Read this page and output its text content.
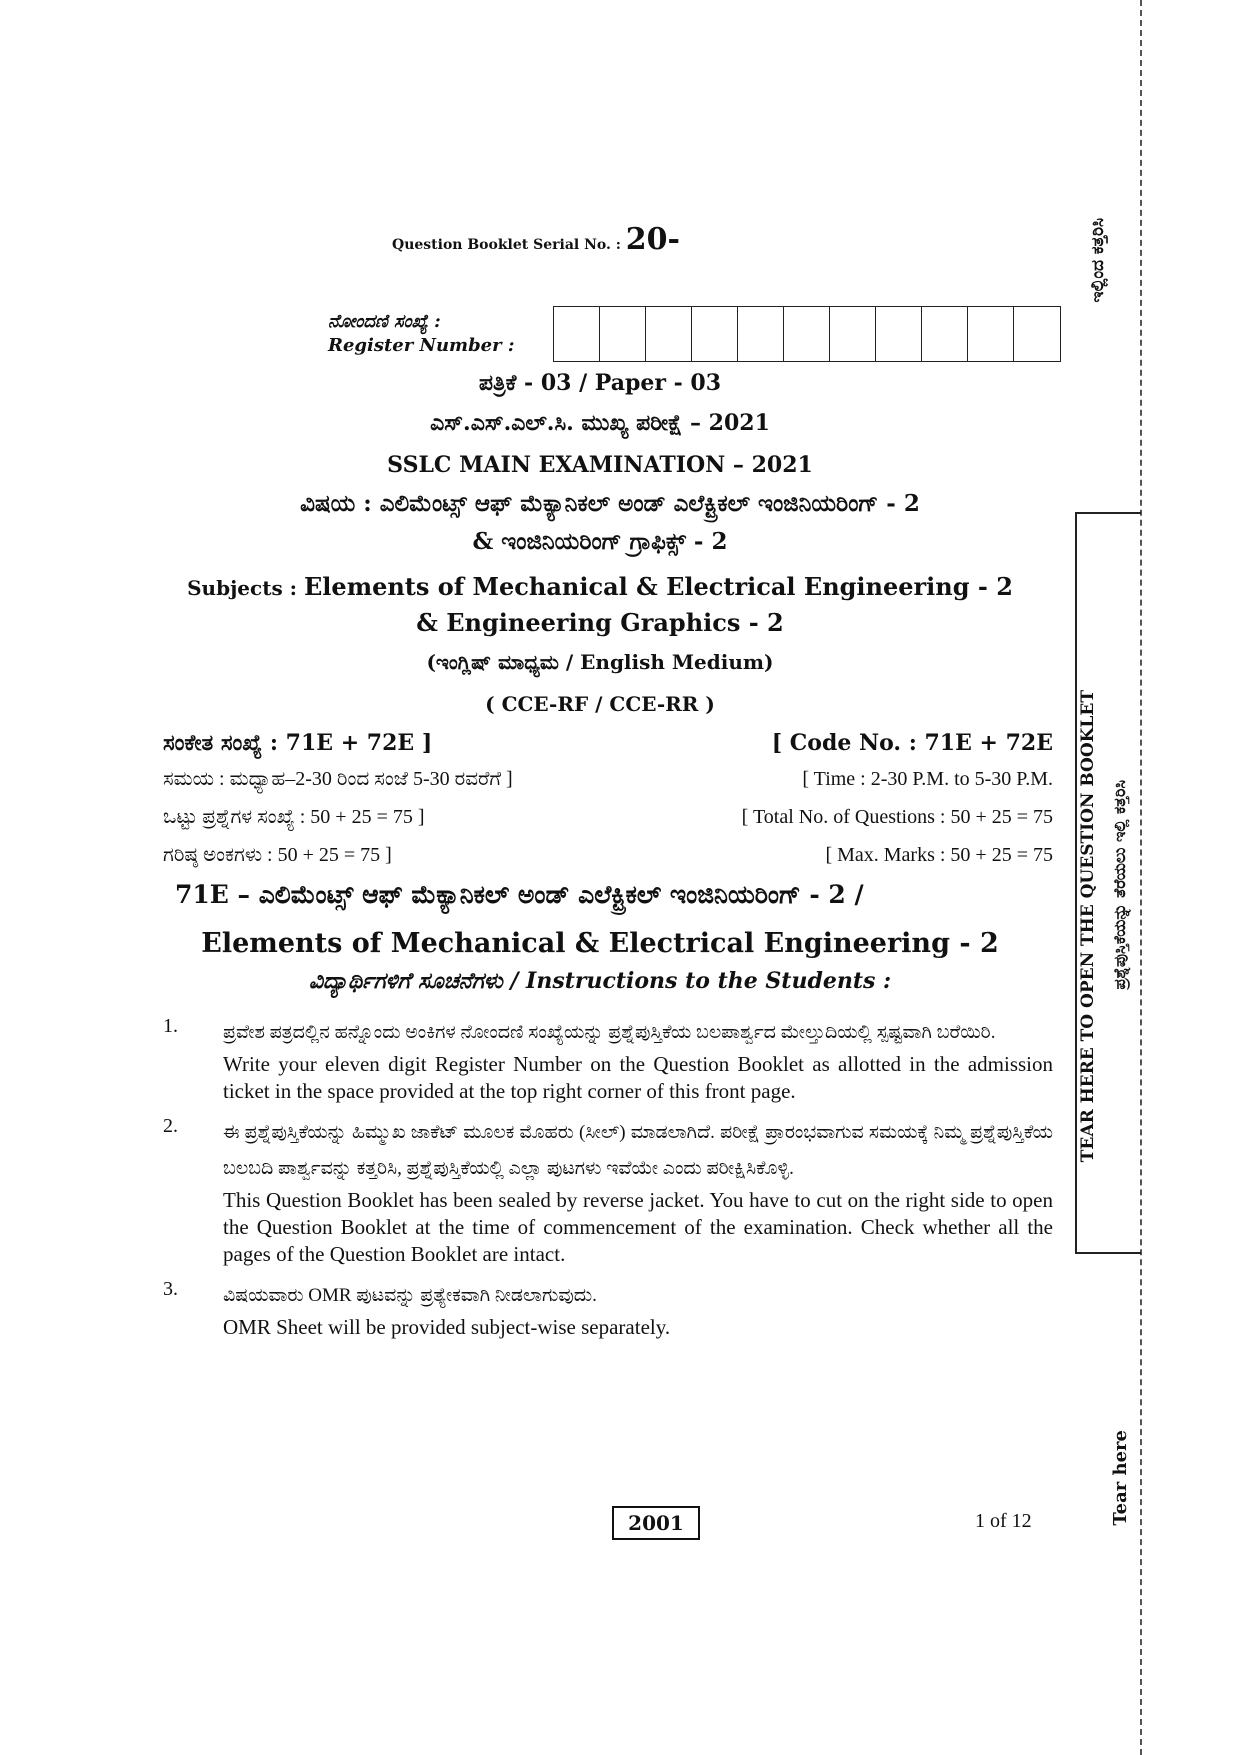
Question Booklet Serial No. : 20-
ನೋಂದಣಿ ಸಂಖ್ಯೆ :
Register Number :
ಪತ್ರಿಕೆ - 03 / Paper - 03
ಎಸ್.ಎಸ್.ಎಲ್.ಸಿ. ಮುಖ್ಯ ಪರೀಕ್ಷೆ – 2021
SSLC MAIN EXAMINATION – 2021
ವಿಷಯ : ಎಲಿಮೆಂಟ್ಸ್ ಆಫ್ ಮೆಕ್ಯಾನಿಕಲ್ ಅಂಡ್ ಎಲೆಕ್ಟ್ರಿಕಲ್ ಇಂಜಿನಿಯರಿಂಗ್ - 2
& ಇಂಜಿನಿಯರಿಂಗ್ ಗ್ರಾಫಿಕ್ಸ್ - 2
Subjects : Elements of Mechanical & Electrical Engineering - 2
& Engineering Graphics - 2
(ಇಂಗ್ಲಿಷ್ ಮಾಧ್ಯಮ / English Medium)
( CCE-RF / CCE-RR )
ಸಂಕೇತ ಸಂಖ್ಯೆ : 71E + 72E ]	[ Code No. : 71E + 72E
ಸಮಯ : ಮಧ್ಯಾಹ–2-30 ರಿಂದ ಸಂಜೆ 5-30 ರವರೆಗೆ ]	[ Time : 2-30 P.M. to 5-30 P.M.
ಒಟ್ಟು ಪ್ರಶ್ನೆಗಳ ಸಂಖ್ಯೆ : 50 + 25 = 75 ]	[ Total No. of Questions : 50 + 25 = 75
ಗರಿಷ್ಠ ಅಂಕಗಳು : 50 + 25 = 75 ]	[ Max. Marks : 50 + 25 = 75
71E – ಎಲಿಮೆಂಟ್ಸ್ ಆಫ್ ಮೆಕ್ಯಾನಿಕಲ್ ಅಂಡ್ ಎಲೆಕ್ಟ್ರಿಕಲ್ ಇಂಜಿನಿಯರಿಂಗ್ - 2 /
Elements of Mechanical & Electrical Engineering - 2
ವಿದ್ಯಾರ್ಥಿಗಳಿಗೆ ಸೂಚನೆಗಳು / Instructions to the Students :
1.	ಪ್ರವೇಶ ಪತ್ರದಲ್ಲಿನ ಹನ್ನೊಂದು ಅಂಕಿಗಳ ನೋಂದಣಿ ಸಂಖ್ಯೆಯನ್ನು ಪ್ರಶ್ನೆಪುಸ್ತಿಕೆಯ ಬಲಪಾರ್ಶ್ವದ ಮೇಲ್ತುದಿಯಲ್ಲಿ ಸ್ಪಷ್ಟವಾಗಿ ಬರೆಯಿರಿ.
Write your eleven digit Register Number on the Question Booklet as allotted in the admission ticket in the space provided at the top right corner of this front page.
2.	ಈ ಪ್ರಶ್ನೆಪುಸ್ತಿಕೆಯನ್ನು ಹಿಮ್ಮುಖ ಜಾಕೆಟ್ ಮೂಲಕ ಮೊಹರು (ಸೀಲ್) ಮಾಡಲಾಗಿದೆ. ಪರೀಕ್ಷೆ ಪ್ರಾರಂಭವಾಗುವ ಸಮಯಕ್ಕೆ ನಿಮ್ಮ ಪ್ರಶ್ನೆಪುಸ್ತಿಕೆಯ ಬಲಬದಿ ಪಾರ್ಶ್ವವನ್ನು ಕತ್ತರಿಸಿ, ಪ್ರಶ್ನೆಪುಸ್ತಿಕೆಯಲ್ಲಿ ಎಲ್ಲಾ ಪುಟಗಳು ಇವೆಯೇ ಎಂದು ಪರೀಕ್ಷಿಸಿಕೊಳ್ಳಿ.
This Question Booklet has been sealed by reverse jacket. You have to cut on the right side to open the Question Booklet at the time of commencement of the examination. Check whether all the pages of the Question Booklet are intact.
3.	ವಿಷಯವಾರು OMR ಪುಟವನ್ನು ಪ್ರತ್ಯೇಕವಾಗಿ ನೀಡಲಾಗುವುದು.
OMR Sheet will be provided subject-wise separately.
2001	1 of 12
ಇಲ್ಲಿಂದ ಕತ್ತರಿಸಿ
TEAR HERE TO OPEN THE QUESTION BOOKLET ಪ್ರಶ್ನೆಪುಸ್ತಿಕೆಯನ್ನು ತೆರೆಯಲು ಇಲ್ಲಿ ಕತ್ತರಿಸಿ
Tear here
